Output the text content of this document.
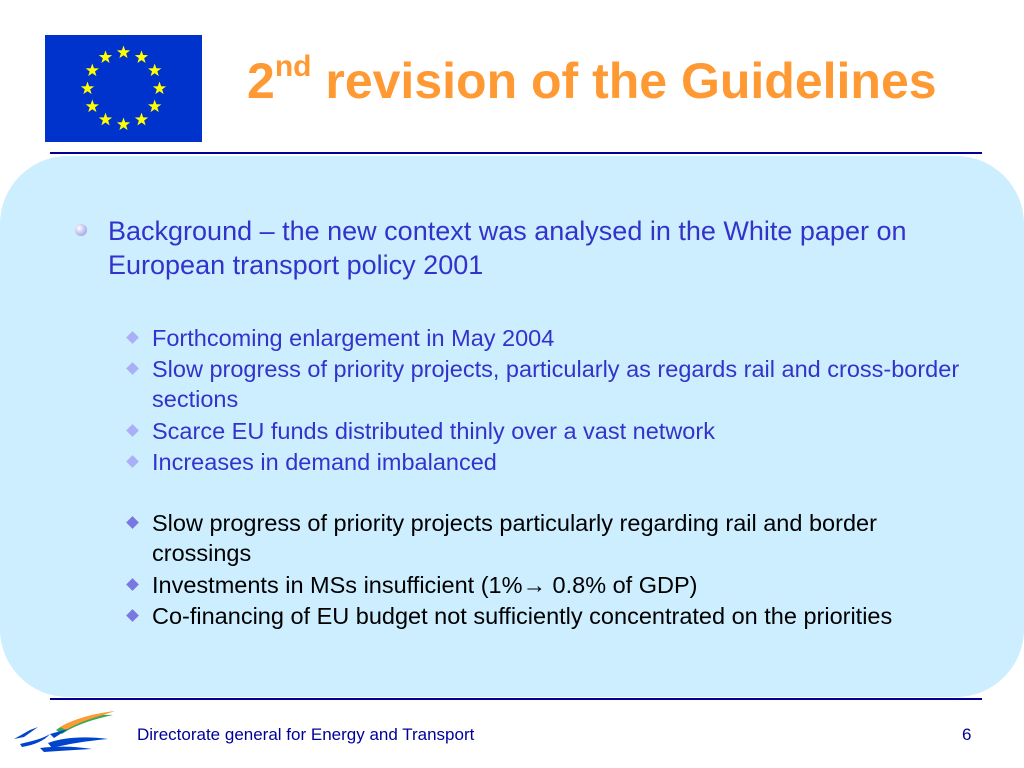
2nd revision of the Guidelines
Background – the new context was analysed in the White paper on European transport policy 2001
Forthcoming enlargement in May 2004
Slow progress of priority projects, particularly as regards rail and cross-border sections
Scarce EU funds distributed thinly over a vast network
Increases in demand imbalanced
Slow progress of priority projects particularly regarding rail and border crossings
Investments in MSs insufficient (1%→ 0.8% of GDP)
Co-financing of EU budget not sufficiently concentrated on the priorities
Directorate general for Energy and Transport	6
